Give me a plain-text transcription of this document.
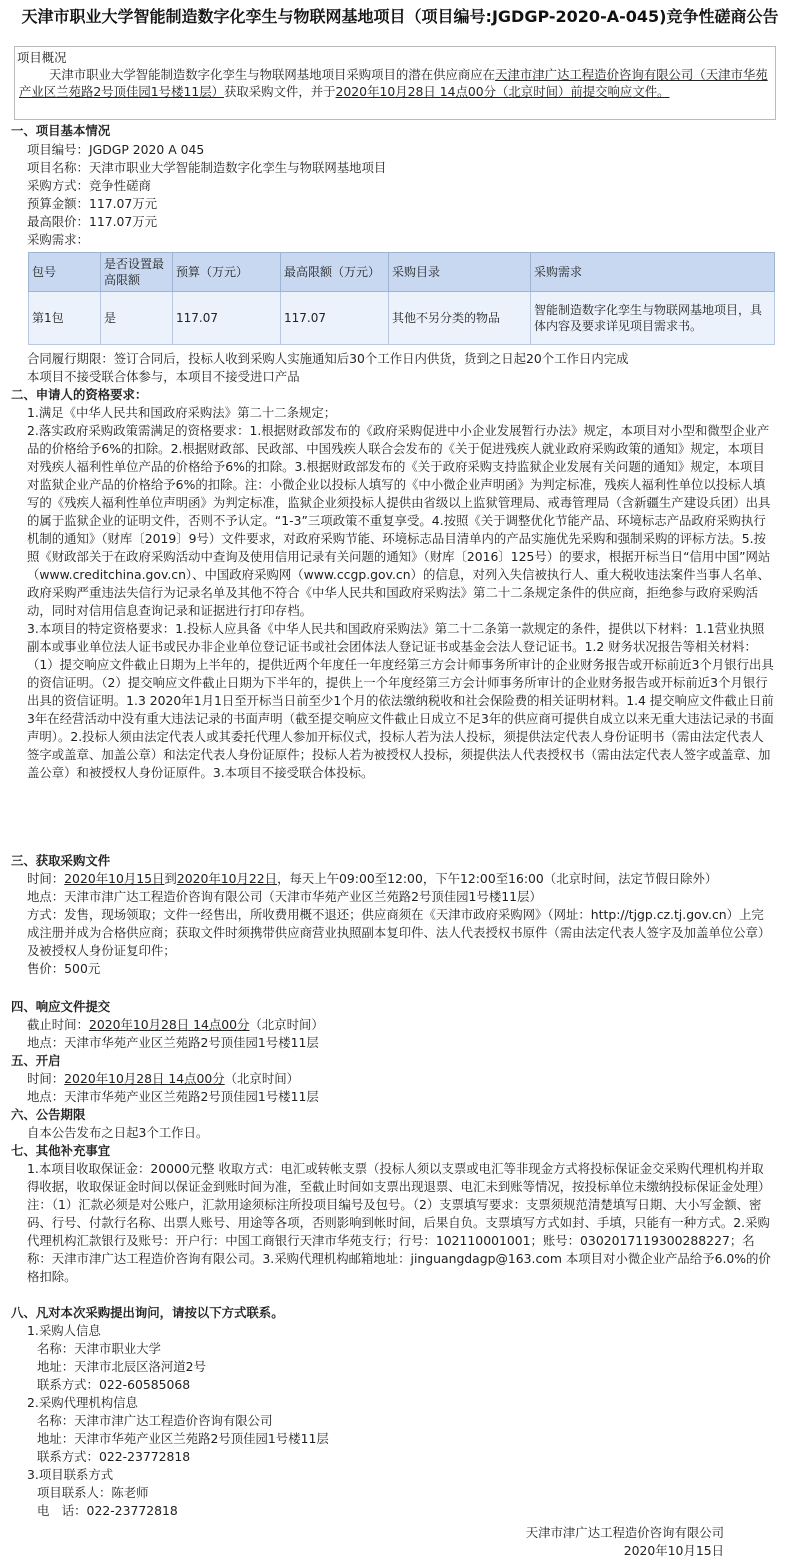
天津市职业大学智能制造数字化孪生与物联网基地项目（项目编号:JGDGP-2020-A-045)竞争性磋商公告
项目概况
天津市职业大学智能制造数字化孪生与物联网基地项目采购项目的潜在供应商应在天津市津广达工程造价咨询有限公司（天津市华苑产业区兰苑路2号顶佳园1号楼11层）获取采购文件，并于2020年10月28日 14点00分（北京时间）前提交响应文件。
一、项目基本情况

项目编号：JGDGP 2020 A 045

项目名称：天津市职业大学智能制造数字化孪生与物联网基地项目

采购方式：竞争性磋商

预算金额：117.07万元

最高限价：117.07万元

采购需求：

包号	是否设置最高限额	预算（万元）	最高限额（万元）	采购目录	采购需求
第1包	是	117.07	117.07	其他不另分类的物品	智能制造数字化孪生与物联网基地项目，具体内容及要求详见项目需求书。

合同履行期限：签订合同后，投标人收到采购人实施通知后30个工作日内供货，货到之日起20个工作日内完成

本项目不接受联合体参与，本项目不接受进口产品

二、申请人的资格要求：

1.满足《中华人民共和国政府采购法》第二十二条规定；

2.落实政府采购政策需满足的资格要求：1.根据财政部发布的《政府采购促进中小企业发展暂行办法》规定，本项目对小型和微型企业产品的价格给予6%的扣除。2.根据财政部、民政部、中国残疾人联合会发布的《关于促进残疾人就业政府采购政策的通知》规定，本项目对残疾人福利性单位产品的价格给予6%的扣除。3.根据财政部发布的《关于政府采购支持监狱企业发展有关问题的通知》规定，本项目对监狱企业产品的价格给予6%的扣除。注：小微企业以投标人填写的《中小微企业声明函》为判定标准，残疾人福利性单位以投标人填写的《残疾人福利性单位声明函》为判定标准，监狱企业须投标人提供由省级以上监狱管理局、戒毒管理局（含新疆生产建设兵团）出具的属于监狱企业的证明文件，否则不予认定。“1-3”三项政策不重复享受。4.按照《关于调整优化节能产品、环境标志产品政府采购执行机制的通知》（财库〔2019〕9号）文件要求，对政府采购节能、环境标志品目清单内的产品实施优先采购和强制采购的评标方法。5.按照《财政部关于在政府采购活动中查询及使用信用记录有关问题的通知》（财库〔2016〕125号）的要求，根据开标当日“信用中国”网站（www.creditchina.gov.cn）、中国政府采购网（www.ccgp.gov.cn）的信息，对列入失信被执行人、重大税收违法案件当事人名单、政府采购严重违法失信行为记录名单及其他不符合《中华人民共和国政府采购法》第二十二条规定条件的供应商，拒绝参与政府采购活动，同时对信用信息查询记录和证据进行打印存档。

3.本项目的特定资格要求：1.投标人应具备《中华人民共和国政府采购法》第二十二条第一款规定的条件，提供以下材料：1.1营业执照副本或事业单位法人证书或民办非企业单位登记证书或社会团体法人登记证书或基金会法人登记证书。1.2 财务状况报告等相关材料：（1）提交响应文件截止日期为上半年的，提供近两个年度任一年度经第三方会计师事务所审计的企业财务报告或开标前近3个月银行出具的资信证明。（2）提交响应文件截止日期为下半年的，提供上一个年度经第三方会计师事务所审计的企业财务报告或开标前近3个月银行出具的资信证明。1.3 2020年1月1日至开标当日前至少1个月的依法缴纳税收和社会保险费的相关证明材料。1.4 提交响应文件截止日前3年在经营活动中没有重大违法记录的书面声明（截至提交响应文件截止日成立不足3年的供应商可提供自成立以来无重大违法记录的书面声明）。2.投标人须由法定代表人或其委托代理人参加开标仪式，投标人若为法人投标，须提供法定代表人身份证明书（需由法定代表人签字或盖章、加盖公章）和法定代表人身份证原件；投标人若为被授权人投标，须提供法人代表授权书（需由法定代表人签字或盖章、加盖公章）和被授权人身份证原件。3.本项目不接受联合体投标。

三、获取采购文件

时间：2020年10月15日到2020年10月22日，每天上午09:00至12:00，下午12:00至16:00（北京时间，法定节假日除外）

地点：天津市津广达工程造价咨询有限公司（天津市华苑产业区兰苑路2号顶佳园1号楼11层）

方式：发售，现场领取；文件一经售出，所收费用概不退还；供应商须在《天津市政府采购网》（网址：http://tjgp.cz.tj.gov.cn）上完成注册并成为合格供应商；获取文件时须携带供应商营业执照副本复印件、法人代表授权书原件（需由法定代表人签字及加盖单位公章）及被授权人身份证复印件；

售价：500元

四、响应文件提交

截止时间：2020年10月28日 14点00分（北京时间）

地点：天津市华苑产业区兰苑路2号顶佳园1号楼11层

五、开启

时间：2020年10月28日 14点00分（北京时间）

地点：天津市华苑产业区兰苑路2号顶佳园1号楼11层

六、公告期限

自本公告发布之日起3个工作日。

七、其他补充事宜

1.本项目收取保证金：20000元整 收取方式：电汇或转帐支票（投标人须以支票或电汇等非现金方式将投标保证金交采购代理机构并取得收据，收取保证金时间以保证金到账时间为准，至截止时间如支票出现退票、电汇未到账等情况，按投标单位未缴纳投标保证金处理）注：（1）汇款必须是对公账户，汇款用途须标注所投项目编号及包号。（2）支票填写要求：支票须规范清楚填写日期、大小写金额、密码、行号、付款行名称、出票人账号、用途等各项，否则影响到帐时间，后果自负。支票填写方式如封、手填，只能有一种方式。2.采购代理机构汇款银行及账号：开户行：中国工商银行天津市华苑支行；行号：102110001001；账号：0302017119300288227；名称：天津市津广达工程造价咨询有限公司。3.采购代理机构邮箱地址：jinguangdagp@163.com 本项目对小微企业产品给予6.0%的价格扣除。

八、凡对本次采购提出询问，请按以下方式联系。

1.采购人信息

名称：天津市职业大学

地址：天津市北辰区洛河道2号

联系方式：022-60585068

2.采购代理机构信息

名称：天津市津广达工程造价咨询有限公司

地址：天津市华苑产业区兰苑路2号顶佳园1号楼11层

联系方式：022-23772818

3.项目联系方式

项目联系人：陈老师

电　话：022-23772818

天津市津广达工程造价咨询有限公司
2020年10月15日
